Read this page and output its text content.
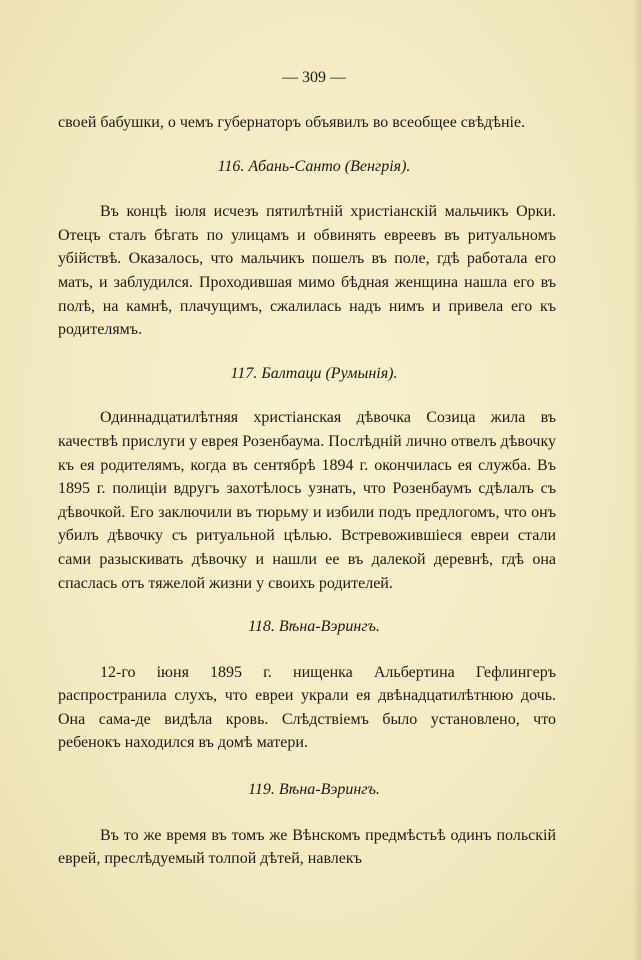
— 309 —

своей бабушки, о чемъ губернаторъ объявилъ во всеобщее свѣдѣніе.

116. Абань-Санто (Венгрія).

Въ концѣ іюля исчезъ пятилѣтній христіанскій мальчикъ Орки. Отецъ сталъ бѣгать по улицамъ и обвинять евреевъ въ ритуальномъ убійствѣ. Оказалось, что мальчикъ пошелъ въ поле, гдѣ работала его мать, и заблудился. Проходившая мимо бѣдная женщина нашла его въ полѣ, на камнѣ, плачущимъ, сжалилась надъ нимъ и привела его къ родителямъ.

117. Балтаци (Румынія).

Одиннадцатилѣтняя христіанская дѣвочка Созица жила въ качествѣ прислуги у еврея Розенбаума. Послѣдній лично отвелъ дѣвочку къ ея родителямъ, когда въ сентябрѣ 1894 г. окончилась ея служба. Въ 1895 г. полиціи вдругъ захотѣлось узнать, что Розенбаумъ сдѣлалъ съ дѣвочкой. Его заключили въ тюрьму и избили подъ предлогомъ, что онъ убилъ дѣвочку съ ритуальной цѣлью. Встревожившіеся евреи стали сами разыскивать дѣвочку и нашли ее въ далекой деревнѣ, гдѣ она спаслась отъ тяжелой жизни у своихъ родителей.

118. Вѣна-Вэрингъ.

12-го іюня 1895 г. нищенка Альбертина Гефлингеръ распространила слухъ, что евреи украли ея двѣнадцатилѣтнюю дочь. Она сама-де видѣла кровь. Слѣдствіемъ было установлено, что ребенокъ находился въ домѣ матери.

119. Вѣна-Вэрингъ.

Въ то же время въ томъ же Вѣнскомъ предмѣстьѣ одинъ польскій еврей, преслѣдуемый толпой дѣтей, навлекъ
